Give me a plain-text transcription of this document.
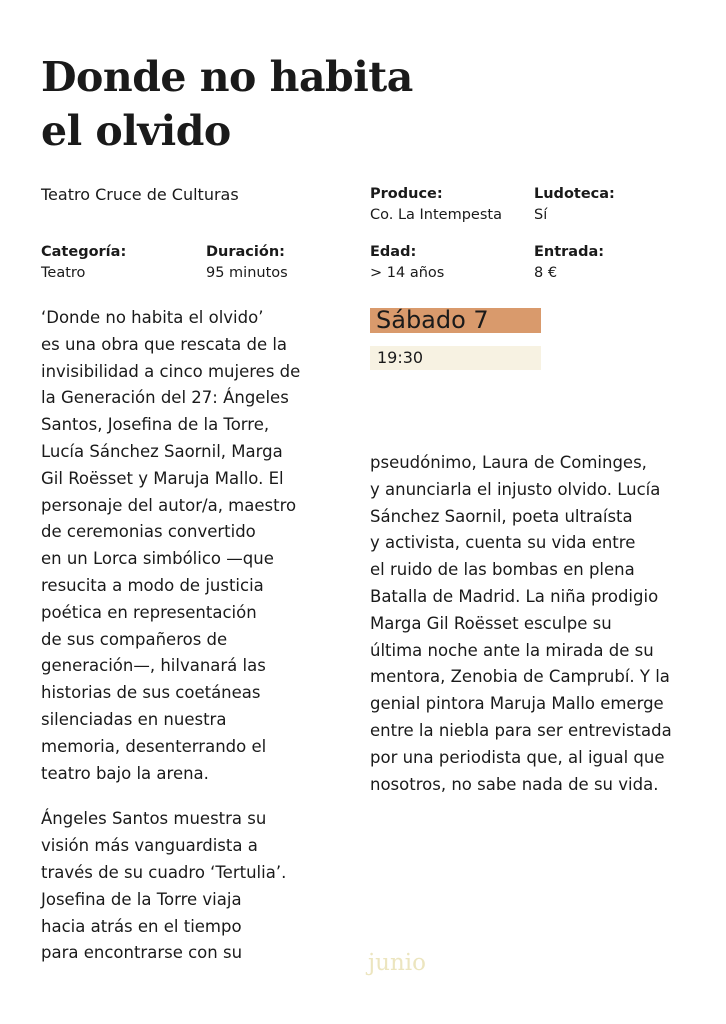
Donde no habita
el olvido
Teatro Cruce de Culturas	Produce:
Co. La Intempesta
Ludoteca:
Sí
Categoría:
Teatro
Duración:
95 minutos
Edad:
> 14 años
Entrada:
8 €
Sábado 7
19:30

‘Donde no habita el olvido’
es una obra que rescata de la
invisibilidad a cinco mujeres de
la Generación del 27: Ángeles
Santos, Josefina de la Torre,
Lucía Sánchez Saornil, Marga
Gil Roësset y Maruja Mallo. El
personaje del autor/a, maestro
de ceremonias convertido
en un Lorca simbólico —que
resucita a modo de justicia
poética en representación
de sus compañeros de
generación—, hilvanará las
historias de sus coetáneas
silenciadas en nuestra
memoria, desenterrando el
teatro bajo la arena.

Ángeles Santos muestra su
visión más vanguardista a
través de su cuadro ‘Tertulia’.
Josefina de la Torre viaja
hacia atrás en el tiempo
para encontrarse con su

pseudónimo, Laura de Cominges,
y anunciarla el injusto olvido. Lucía
Sánchez Saornil, poeta ultraísta
y activista, cuenta su vida entre
el ruido de las bombas en plena
Batalla de Madrid. La niña prodigio
Marga Gil Roësset esculpe su
última noche ante la mirada de su
mentora, Zenobia de Camprubí. Y la
genial pintora Maruja Mallo emerge
entre la niebla para ser entrevistada
por una periodista que, al igual que
nosotros, no sabe nada de su vida.

junio
